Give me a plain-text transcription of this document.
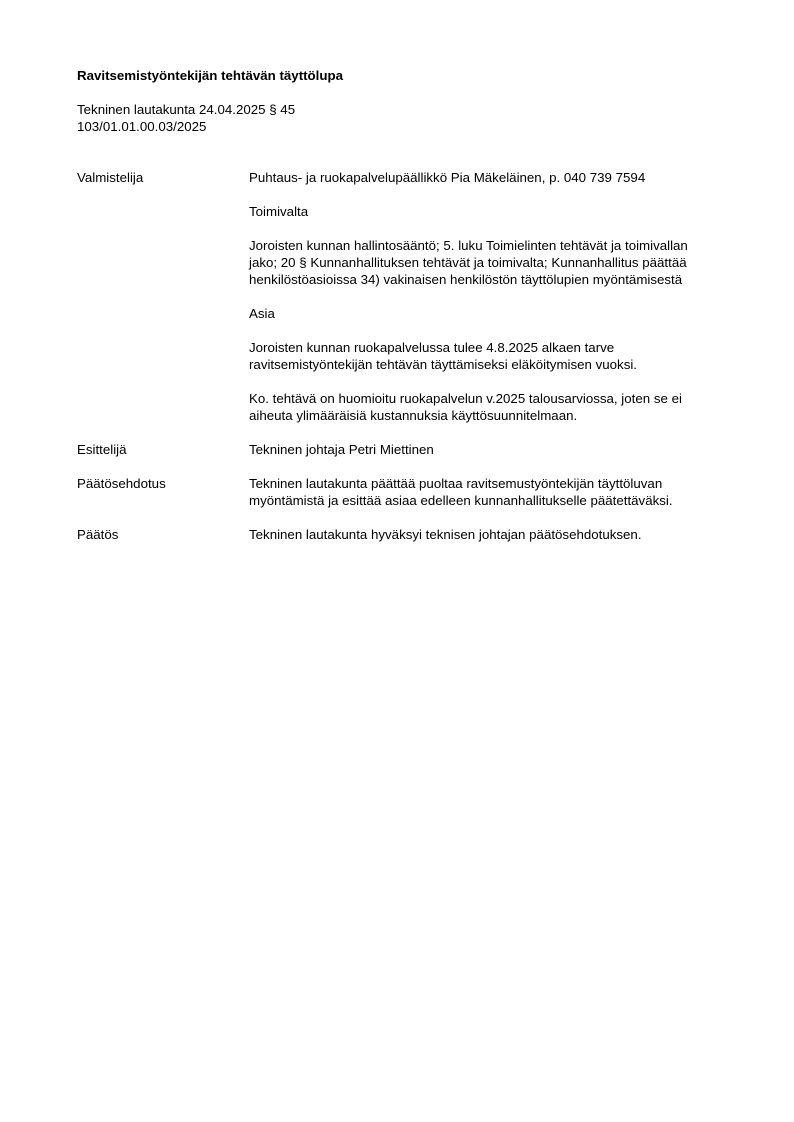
Ravitsemistyöntekijän tehtävän täyttölupa
Tekninen lautakunta 24.04.2025 § 45
103/01.01.00.03/2025
Valmistelija	Puhtaus- ja ruokapalvelupäällikkö Pia Mäkeläinen, p. 040 739 7594

Toimivalta

Joroisten kunnan hallintosääntö; 5. luku Toimielinten tehtävät ja toimivallan

jako; 20 § Kunnanhallituksen tehtävät ja toimivalta; Kunnanhallitus päättää

henkilöstöasioissa 34) vakinaisen henkilöstön täyttölupien myöntämisestä

Asia

Joroisten kunnan ruokapalvelussa tulee 4.8.2025 alkaen tarve

ravitsemistyöntekijän tehtävän täyttämiseksi eläköitymisen vuoksi.

Ko. tehtävä on huomioitu ruokapalvelun v.2025 talousarviossa, joten se ei

aiheuta ylimääräisiä kustannuksia käyttösuunnitelmaan.

Esittelijä	Tekninen johtaja Petri Miettinen

Päätösehdotus	Tekninen lautakunta päättää puoltaa ravitsemustyöntekijän täyttöluvan

myöntämistä ja esittää asiaa edelleen kunnanhallitukselle päätettäväksi.

Päätös	Tekninen lautakunta hyväksyi teknisen johtajan päätösehdotuksen.
